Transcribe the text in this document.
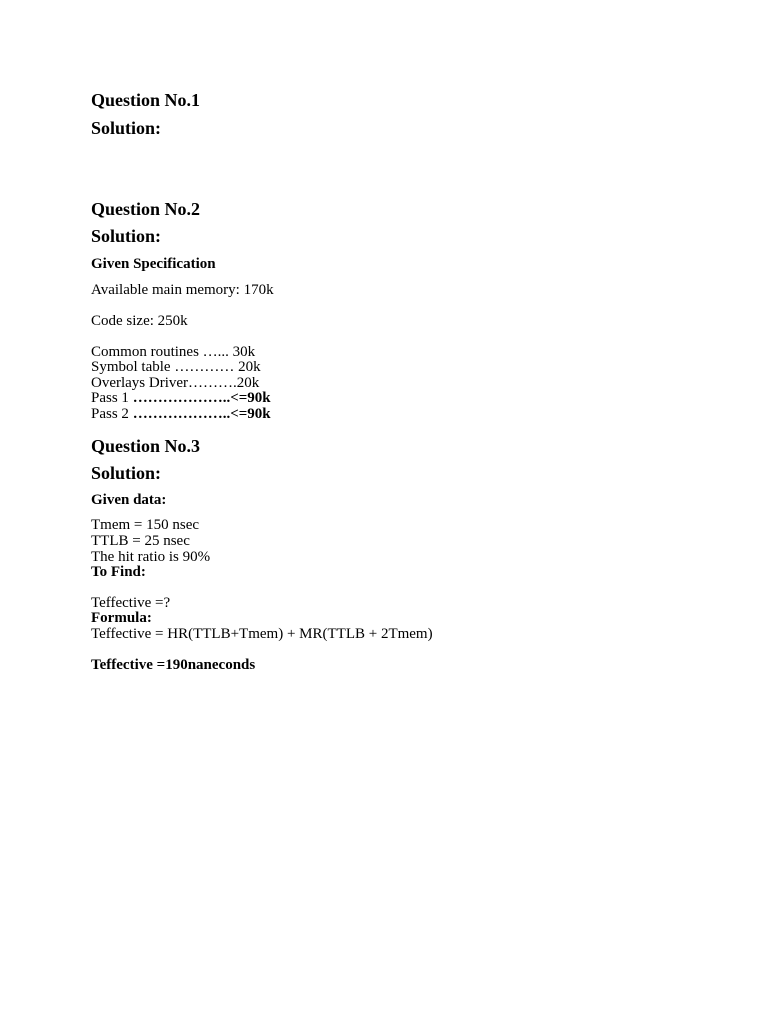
Question No.1
Solution:
Question No.2
Solution:
Given Specification
Available main memory: 170k
Code size: 250k
Common routines …... 30k
Symbol table ………… 20k
Overlays Driver……….20k
Pass 1 ………………..<=90k
Pass 2 ………………..<=90k
Question No.3
Solution:
Given data:
Tmem = 150 nsec
TTLB = 25 nsec
The hit ratio is 90%
To Find:
Teffective =?
Formula:
Teffective = HR(TTLB+Tmem) + MR(TTLB + 2Tmem)
Teffective =190naneconds
